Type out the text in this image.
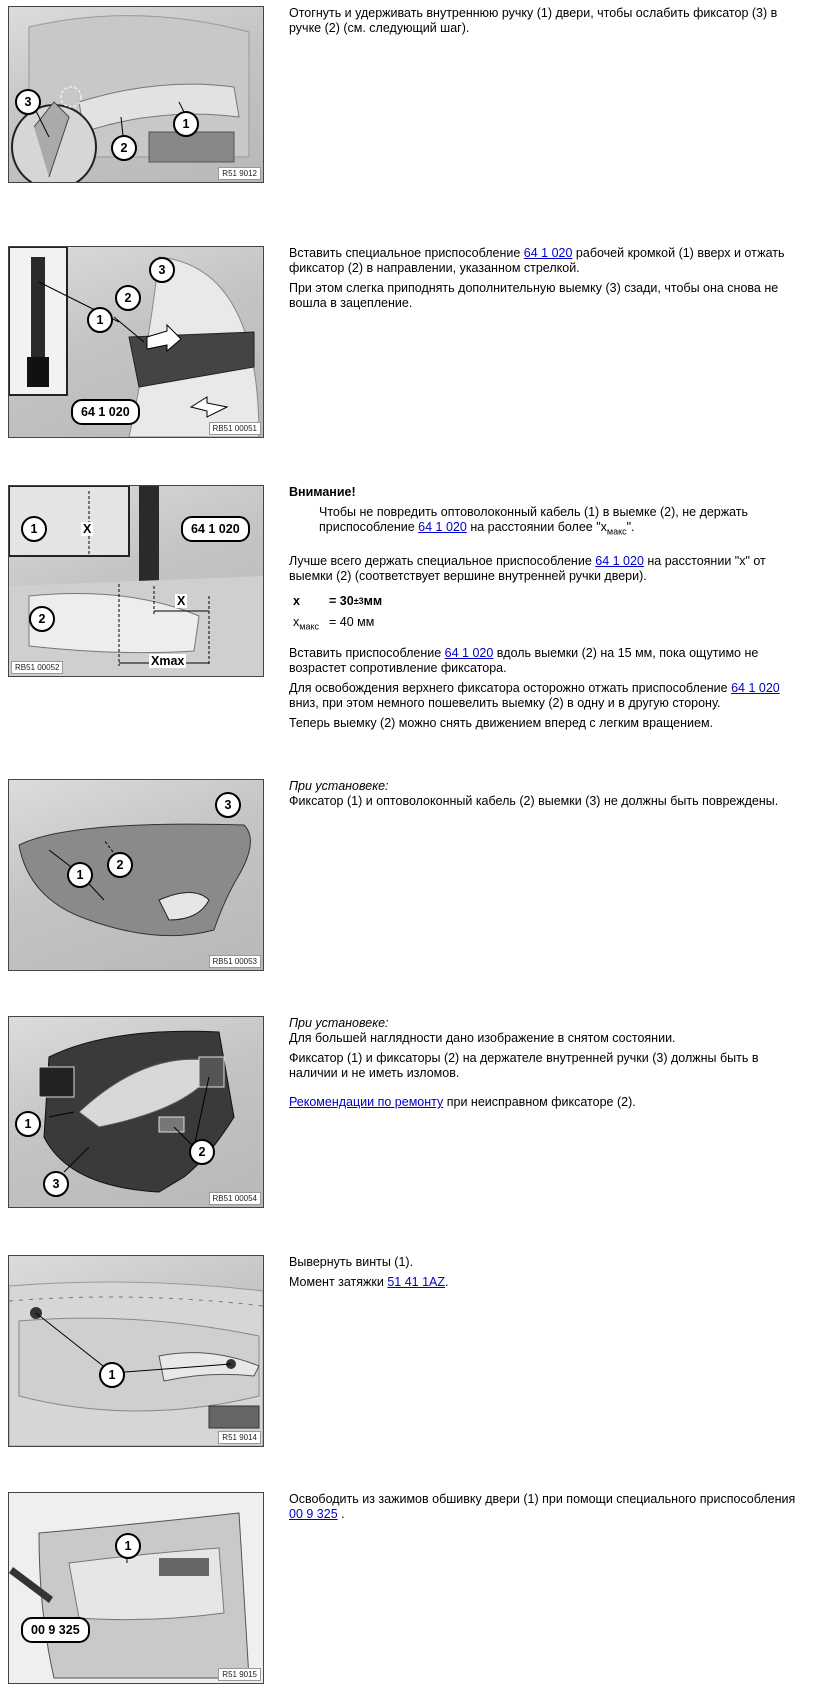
1
2
3
R51 9012

Отогнуть и удерживать внутреннюю ручку (1) двери, чтобы ослабить фиксатор (3) в ручке (2) (см. следующий шаг).

1
2
3
64 1 020
RB51 00051

Вставить специальное приспособление 64 1 020 рабочей кромкой (1) вверх и отжать фиксатор (2) в направлении, указанном стрелкой.

При этом слегка приподнять дополнительную выемку (3) сзади, чтобы она снова не вошла в зацепление.

1
2
64 1 020
X
X
Xmax
RB51 00052

Внимание!

Чтобы не повредить оптоволоконный кабель (1) в выемке (2), не держать приспособление 64 1 020 на расстоянии более "$x_{макс}$".

Лучше всего держать специальное приспособление 64 1 020 на расстоянии "x" от выемки (2) (соответствует вершине внутренней ручки двери).

x	= 30 ±3 мм
$x_{макс} = 40$ мм

Вставить приспособление 64 1 020 вдоль выемки (2) на 15 мм, пока ощутимо не возрастет сопротивление фиксатора.

Для освобождения верхнего фиксатора осторожно отжать приспособление 64 1 020 вниз, при этом немного пошевелить выемку (2) в одну и в другую сторону.

Теперь выемку (2) можно снять движением вперед с легким вращением.

1
2
3
RB51 00053

При установеке:

Фиксатор (1) и оптоволоконный кабель (2) выемки (3) не должны быть повреждены.

1
2
3
RB51 00054

При установеке:

Для большей наглядности дано изображение в снятом состоянии.

Фиксатор (1) и фиксаторы (2) на держателе внутренней ручки (3) должны быть в наличии и не иметь изломов.

Рекомендации по ремонту при неисправном фиксаторе (2).

1
R51 9014

Вывернуть винты (1).

Момент затяжки 51 41 1AZ.

1
00 9 325
R51 9015

Освободить из зажимов обшивку двери (1) при помощи специального приспособления 00 9 325 .
